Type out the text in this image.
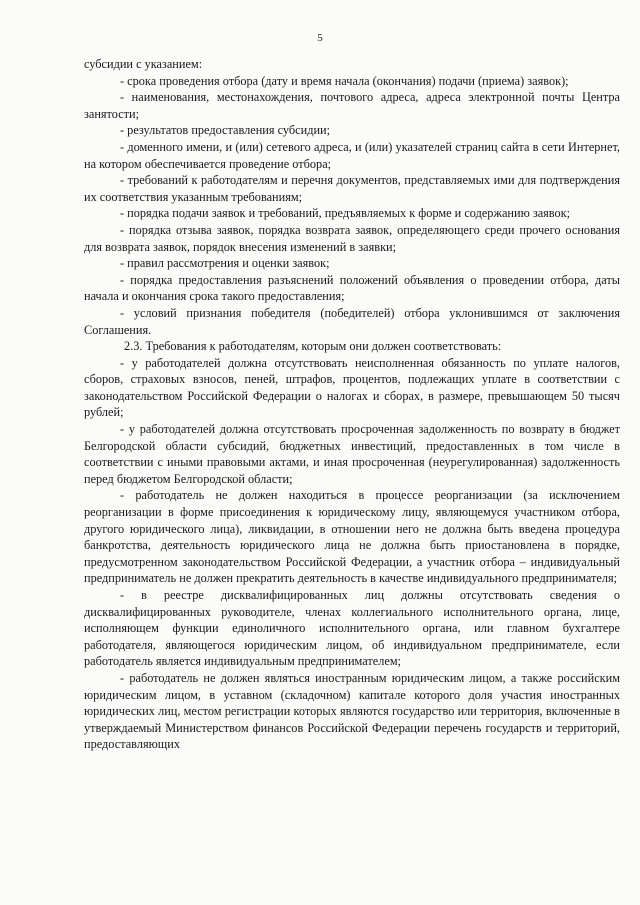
5

субсидии с указанием:

- срока проведения отбора (дату и время начала (окончания) подачи (приема) заявок);

- наименования, местонахождения, почтового адреса, адреса электронной почты Центра занятости;

- результатов предоставления субсидии;

- доменного имени, и (или) сетевого адреса, и (или) указателей страниц сайта в сети Интернет, на котором обеспечивается проведение отбора;

- требований к работодателям и перечня документов, представляемых ими для подтверждения их соответствия указанным требованиям;

- порядка подачи заявок и требований, предъявляемых к форме и содержанию заявок;

- порядка отзыва заявок, порядка возврата заявок, определяющего среди прочего основания для возврата заявок, порядок внесения изменений в заявки;

- правил рассмотрения и оценки заявок;

- порядка предоставления разъяснений положений объявления о проведении отбора, даты начала и окончания срока такого предоставления;

- условий признания победителя (победителей) отбора уклонившимся от заключения Соглашения.

2.3. Требования к работодателям, которым они должен соответствовать:

- у работодателей должна отсутствовать неисполненная обязанность по уплате налогов, сборов, страховых взносов, пеней, штрафов, процентов, подлежащих уплате в соответствии с законодательством Российской Федерации о налогах и сборах, в размере, превышающем 50 тысяч рублей;

- у работодателей должна отсутствовать просроченная задолженность по возврату в бюджет Белгородской области субсидий, бюджетных инвестиций, предоставленных в том числе в соответствии с иными правовыми актами, и иная просроченная (неурегулированная) задолженность перед бюджетом Белгородской области;

- работодатель не должен находиться в процессе реорганизации (за исключением реорганизации в форме присоединения к юридическому лицу, являющемуся участником отбора, другого юридического лица), ликвидации, в отношении него не должна быть введена процедура банкротства, деятельность юридического лица не должна быть приостановлена в порядке, предусмотренном законодательством Российской Федерации, а участник отбора – индивидуальный предприниматель не должен прекратить деятельность в качестве индивидуального предпринимателя;

- в реестре дисквалифицированных лиц должны отсутствовать сведения о дисквалифицированных руководителе, членах коллегиального исполнительного органа, лице, исполняющем функции единоличного исполнительного органа, или главном бухгалтере работодателя, являющегося юридическим лицом, об индивидуальном предпринимателе, если работодатель является индивидуальным предпринимателем;

- работодатель не должен являться иностранным юридическим лицом, а также российским юридическим лицом, в уставном (складочном) капитале которого доля участия иностранных юридических лиц, местом регистрации которых являются государство или территория, включенные в утверждаемый Министерством финансов Российской Федерации перечень государств и территорий, предоставляющих
